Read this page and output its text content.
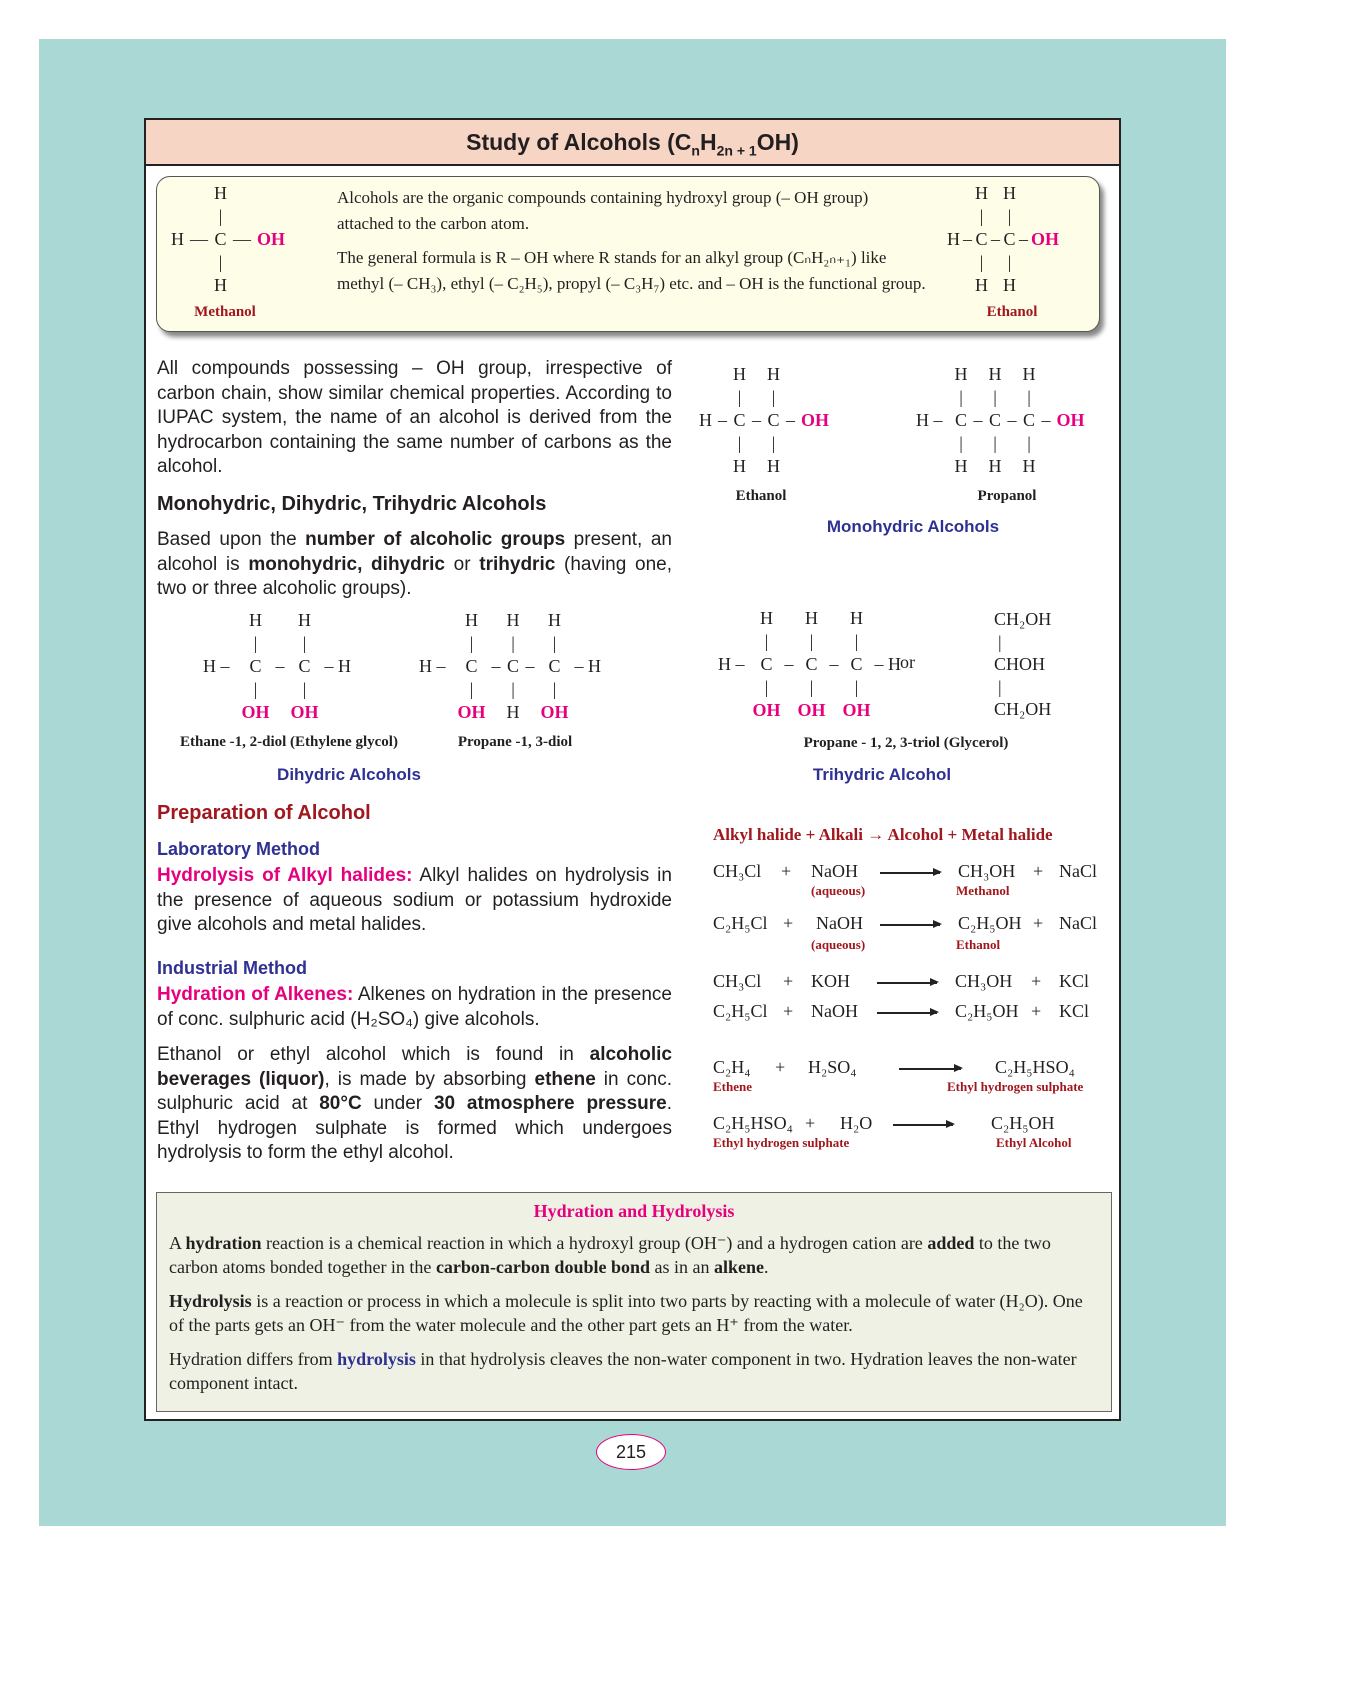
Study of Alcohols $(C_nH_{2n + 1}OH)$
H
|
H — C — OH
|
H
Methanol

Alcohols are the organic compounds containing hydroxyl group (– OH group) attached to the carbon atom.

The general formula is R – OH where R stands for an alkyl group (CₙH₂ₙ₊₁) like methyl (– CH₃), ethyl (– C₂H₅), propyl (– C₃H₇) etc. and – OH is the functional group.

H H
| |
H – C – C – OH
| |
H H
Ethanol
All compounds possessing – OH group, irrespective of carbon chain, show similar chemical properties. According to IUPAC system, the name of an alcohol is derived from the hydrocarbon containing the same number of carbons as the alcohol.
Monohydric, Dihydric, Trihydric Alcohols
Based upon the number of alcoholic groups present, an alcohol is monohydric, dihydric or trihydric (having one, two or three alcoholic groups).
H H
| |
H – C – C – OH
| |
H H
Ethanol
H H H
| | |
H – C – C – C – OH
| | |
H H H
Propanol
Monohydric Alcohols
H H
|	|
H – C – C – H
|	|
OH OH
Ethane -1, 2-diol (Ethylene glycol)
H H H
| | |
H – C – C – C – H
| | |
OH H OH
Propane -1, 3-diol
Dihydric Alcohols
H H H
| | |
H – C – C – C – H
| | |
OH OH OH
or
CH₂OH
|
CHOH
|
CH₂OH
Propane - 1, 2, 3-triol (Glycerol)
Trihydric Alcohol
Preparation of Alcohol
Laboratory Method
Hydrolysis of Alkyl halides: Alkyl halides on hydrolysis in the presence of aqueous sodium or potassium hydroxide give alcohols and metal halides.
Industrial Method
Hydration of Alkenes: Alkenes on hydration in the presence of conc. sulphuric acid (H₂SO₄) give alcohols.
Ethanol or ethyl alcohol which is found in alcoholic beverages (liquor), is made by absorbing ethene in conc. sulphuric acid at 80°C under 30 atmosphere pressure. Ethyl hydrogen sulphate is formed which undergoes hydrolysis to form the ethyl alcohol.
Alkyl halide + Alkali → Alcohol + Metal halide
CH₃Cl + NaOH	CH₃OH + NaCl
(aqueous)	Methanol
C₂H₅Cl + NaOH	C₂H₅OH + NaCl
(aqueous)	Ethanol
CH₃Cl + KOH	CH₃OH + KCl
C₂H₅Cl + NaOH	C₂H₅OH + KCl
C₂H₄ + H₂SO₄	C₂H₅HSO₄
Ethene	Ethyl hydrogen sulphate
C₂H₅HSO₄ + H₂O	C₂H₅OH
Ethyl hydrogen sulphate	Ethyl Alcohol

Hydration and Hydrolysis

A hydration reaction is a chemical reaction in which a hydroxyl group (OH⁻) and a hydrogen cation are added to the two carbon atoms bonded together in the carbon-carbon double bond as in an alkene.

Hydrolysis is a reaction or process in which a molecule is split into two parts by reacting with a molecule of water (H₂O). One of the parts gets an OH⁻ from the water molecule and the other part gets an H⁺ from the water.

Hydration differs from hydrolysis in that hydrolysis cleaves the non-water component in two. Hydration leaves the non-water component intact.

215
